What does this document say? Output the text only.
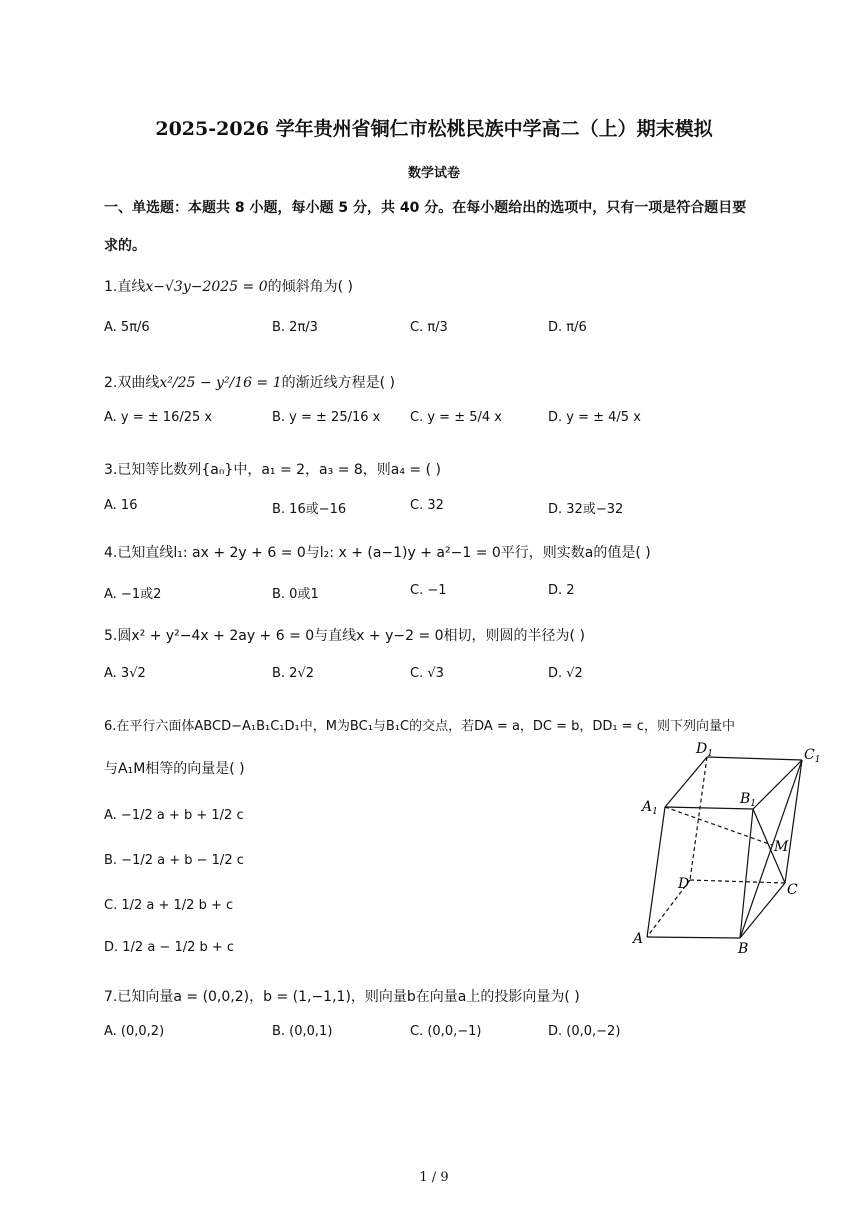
2025-2026 学年贵州省铜仁市松桃民族中学高二（上）期末模拟
数学试卷
一、单选题：本题共 8 小题，每小题 5 分，共 40 分。在每小题给出的选项中，只有一项是符合题目要
求的。
1.直线x−√3y−2025 = 0的倾斜角为( )
A. 5π/6	B. 2π/3	C. π/3	D. π/6
2.双曲线x²/25 − y²/16 = 1的渐近线方程是( )
A. y = ± 16/25 x	B. y = ± 25/16 x C. y = ± 5/4 x	D. y = ± 4/5 x
3.已知等比数列{aₙ}中，a₁ = 2，a₃ = 8，则a₄ = ( )
A. 16	B. 16或−16	C. 32	D. 32或−32
4.已知直线l₁: ax + 2y + 6 = 0与l₂: x + (a−1)y + a²−1 = 0平行，则实数a的值是( )
A. −1或2	B. 0或1	C. −1	D. 2
5.圆x² + y²−4x + 2ay + 6 = 0与直线x + y−2 = 0相切，则圆的半径为( )
A. 3√2	B. 2√2	C. √3	D. √2
6.在平行六面体ABCD−A₁B₁C₁D₁中，M为BC₁与B₁C的交点，若DA = a，DC = b，DD₁ = c，则下列向量中
与A₁M相等的向量是( )
A. −1/2 a + b + 1/2 c
B. −1/2 a + b − 1/2 c
C. 1/2 a + 1/2 b + c
D. 1/2 a − 1/2 b + c
$D_1$	$C_1$
$A_1$
$B_1$
M
D	C
A
B
7.已知向量a = (0,0,2)，b = (1,−1,1)，则向量b在向量a上的投影向量为( )
A. (0,0,2)	B. (0,0,1)	C. (0,0,−1)	D. (0,0,−2)
1 / 9
